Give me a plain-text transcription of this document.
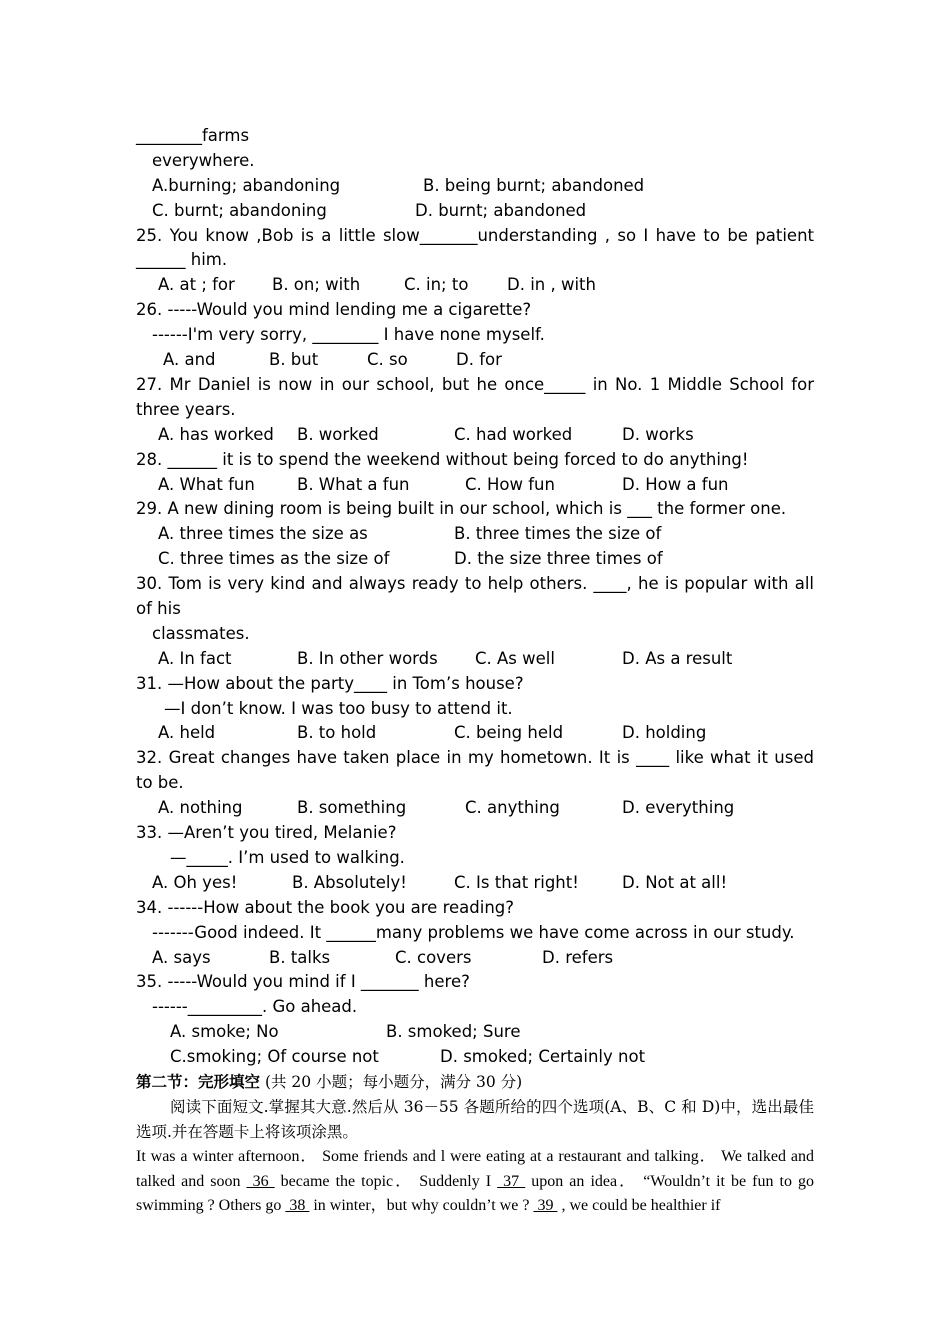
________farms
everywhere.
A.burning; abandoning	B. being burnt; abandoned
C. burnt; abandoning	D. burnt; abandoned
25. You know ,Bob is a little slow_______understanding , so I have to be patient ______ him.
A. at ; for B. on; with	C. in; to D. in , with
26. -----Would you mind lending me a cigarette?
------I'm very sorry, ________ I have none myself.
A. and	B. but	C. so	D. for
27. Mr Daniel is now in our school, but he once_____ in No. 1 Middle School for three years.
A. has worked B. worked	C. had worked	D. works
28. ______ it is to spend the weekend without being forced to do anything!
A. What fun	B. What a fun	C. How fun	D. How a fun
29. A new dining room is being built in our school, which is ___ the former one.
A. three times the size as	B. three times the size of
C. three times as the size of	D. the size three times of
30. Tom is very kind and always ready to help others. ____, he is popular with all of his
classmates.
A. In fact	B. In other words C. As well	D. As a result
31. —How about the party____ in Tom’s house?
—I don’t know. I was too busy to attend it.
A. held	B. to hold	C. being held	D. holding
32. Great changes have taken place in my hometown. It is ____ like what it used to be.
A. nothing	B. something	C. anything	D. everything
33. —Aren’t you tired, Melanie?
—_____. I’m used to walking.
A. Oh yes!	B. Absolutely!	C. Is that right!	D. Not at all!
34. ------How about the book you are reading?
-------Good indeed. It ______many problems we have come across in our study.
A. says	B. talks	C. covers	D. refers
35. -----Would you mind if I _______ here?
------_________. Go ahead.
A. smoke; No	B. smoked; Sure
C.smoking; Of course not	D. smoked; Certainly not
第二节：完形填空 (共 20 小题；每小题分，满分 30 分)
阅读下面短文.掌握其大意.然后从 36－55 各题所给的四个选项(A、B、C 和 D)中，选出最佳选项.并在答题卡上将该项涂黑。
It was a winter afternoon． Some friends and l were eating at a restaurant and talking． We talked and talked and soon  36  became the topic． Suddenly I  37  upon an idea． “Wouldn’t it be fun to go swimming ? Others go  38  in winter，but why couldn’t we ?  39  , we could be healthier if
